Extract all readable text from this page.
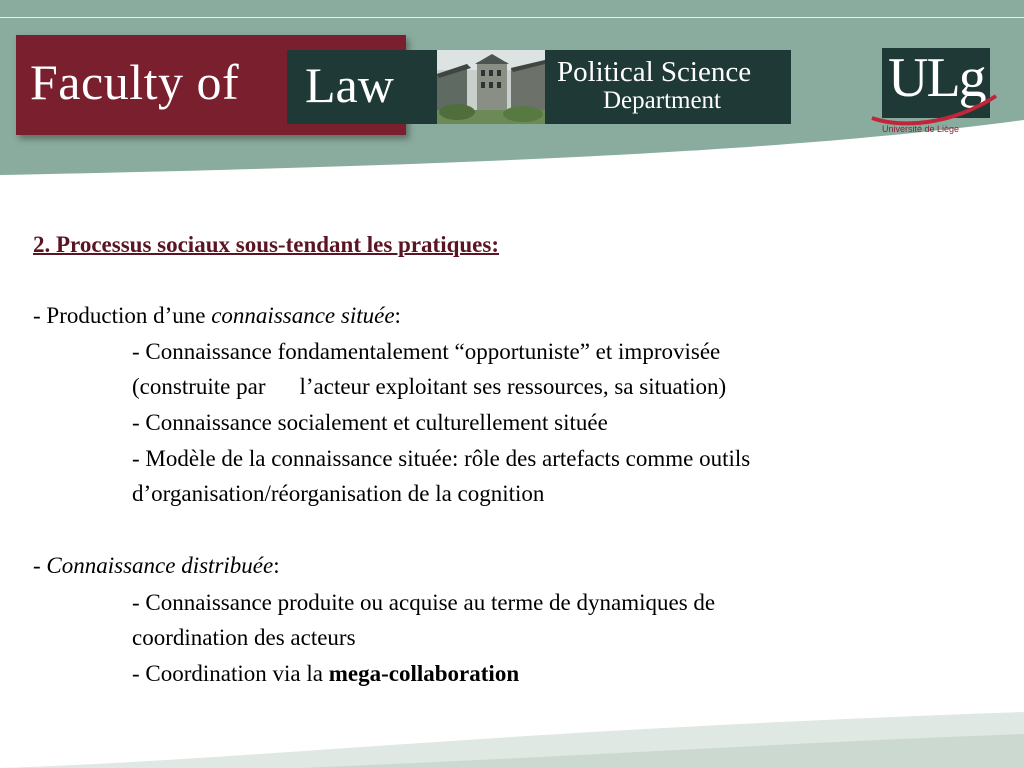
Faculty of Law	Political Science
Department	ULg
Université de Liège
2. Processus sociaux sous-tendant les pratiques:
- Production d’une connaissance située:
- Connaissance fondamentalement “opportuniste” et improvisée
(construite par l’acteur exploitant ses ressources, sa situation)
- Connaissance socialement et culturellement située
- Modèle de la connaissance située: rôle des artefacts comme outils
d’organisation/réorganisation de la cognition
- Connaissance distribuée:
- Connaissance produite ou acquise au terme de dynamiques de
coordination des acteurs
- Coordination via la mega-collaboration
